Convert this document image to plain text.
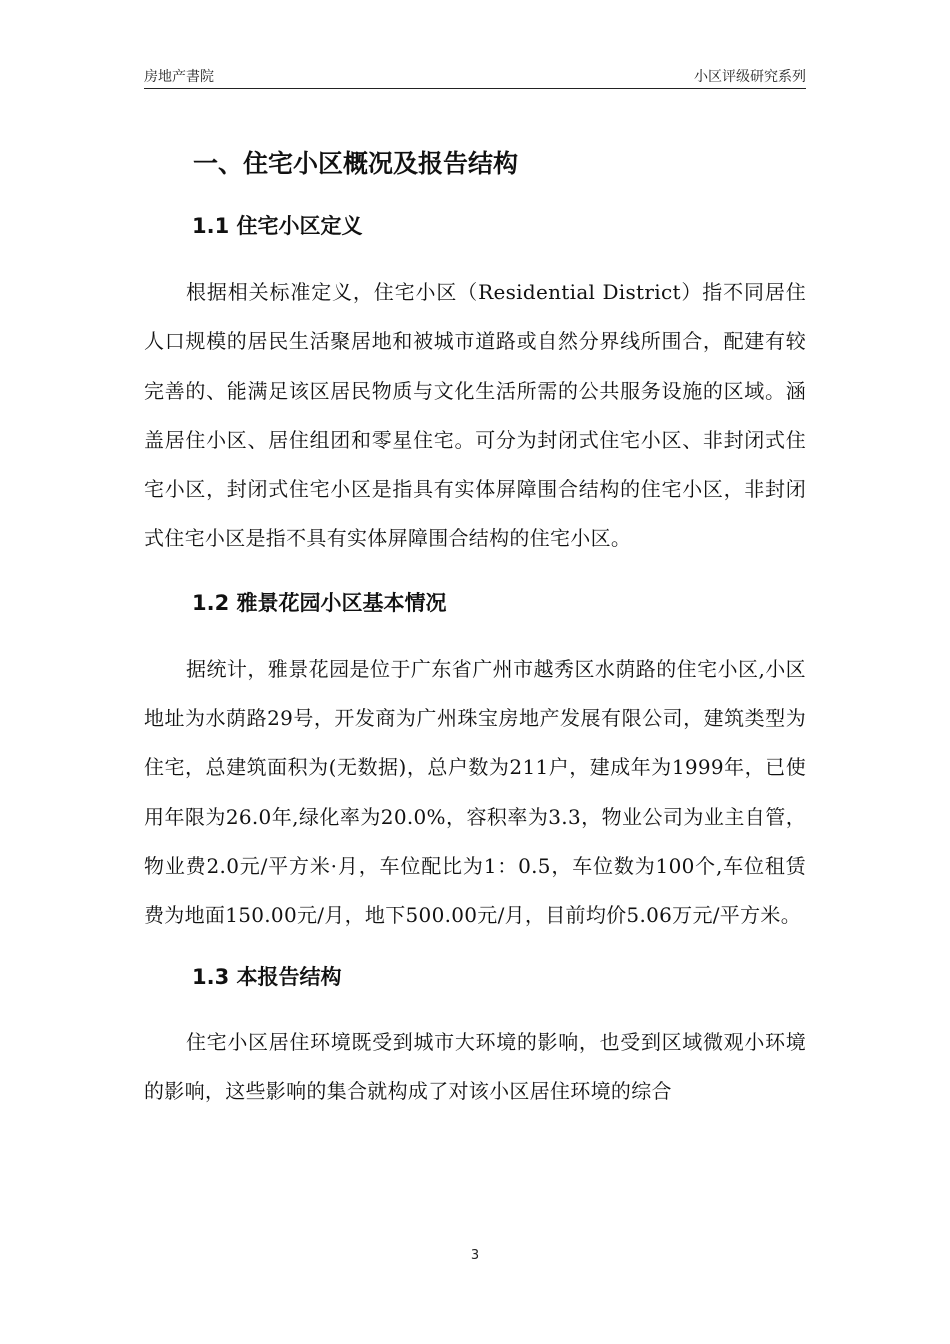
房地产書院	小区评级研究系列
一、住宅小区概况及报告结构
1.1 住宅小区定义

根据相关标准定义，住宅小区（Residential District）指不同居住人口规模的居民生活聚居地和被城市道路或自然分界线所围合，配建有较完善的、能满足该区居民物质与文化生活所需的公共服务设施的区域。涵盖居住小区、居住组团和零星住宅。可分为封闭式住宅小区、非封闭式住宅小区，封闭式住宅小区是指具有实体屏障围合结构的住宅小区，非封闭式住宅小区是指不具有实体屏障围合结构的住宅小区。

1.2 雅景花园小区基本情况

据统计，雅景花园是位于广东省广州市越秀区水荫路的住宅小区,小区地址为水荫路29号，开发商为广州珠宝房地产发展有限公司，建筑类型为住宅，总建筑面积为(无数据)，总户数为211户，建成年为1999年，已使用年限为26.0年,绿化率为20.0%，容积率为3.3，物业公司为业主自管，物业费2.0元/平方米·月，车位配比为1：0.5，车位数为100个,车位租赁费为地面150.00元/月，地下500.00元/月，目前均价5.06万元/平方米。

1.3 本报告结构

住宅小区居住环境既受到城市大环境的影响，也受到区域微观小环境的影响，这些影响的集合就构成了对该小区居住环境的综合

3
